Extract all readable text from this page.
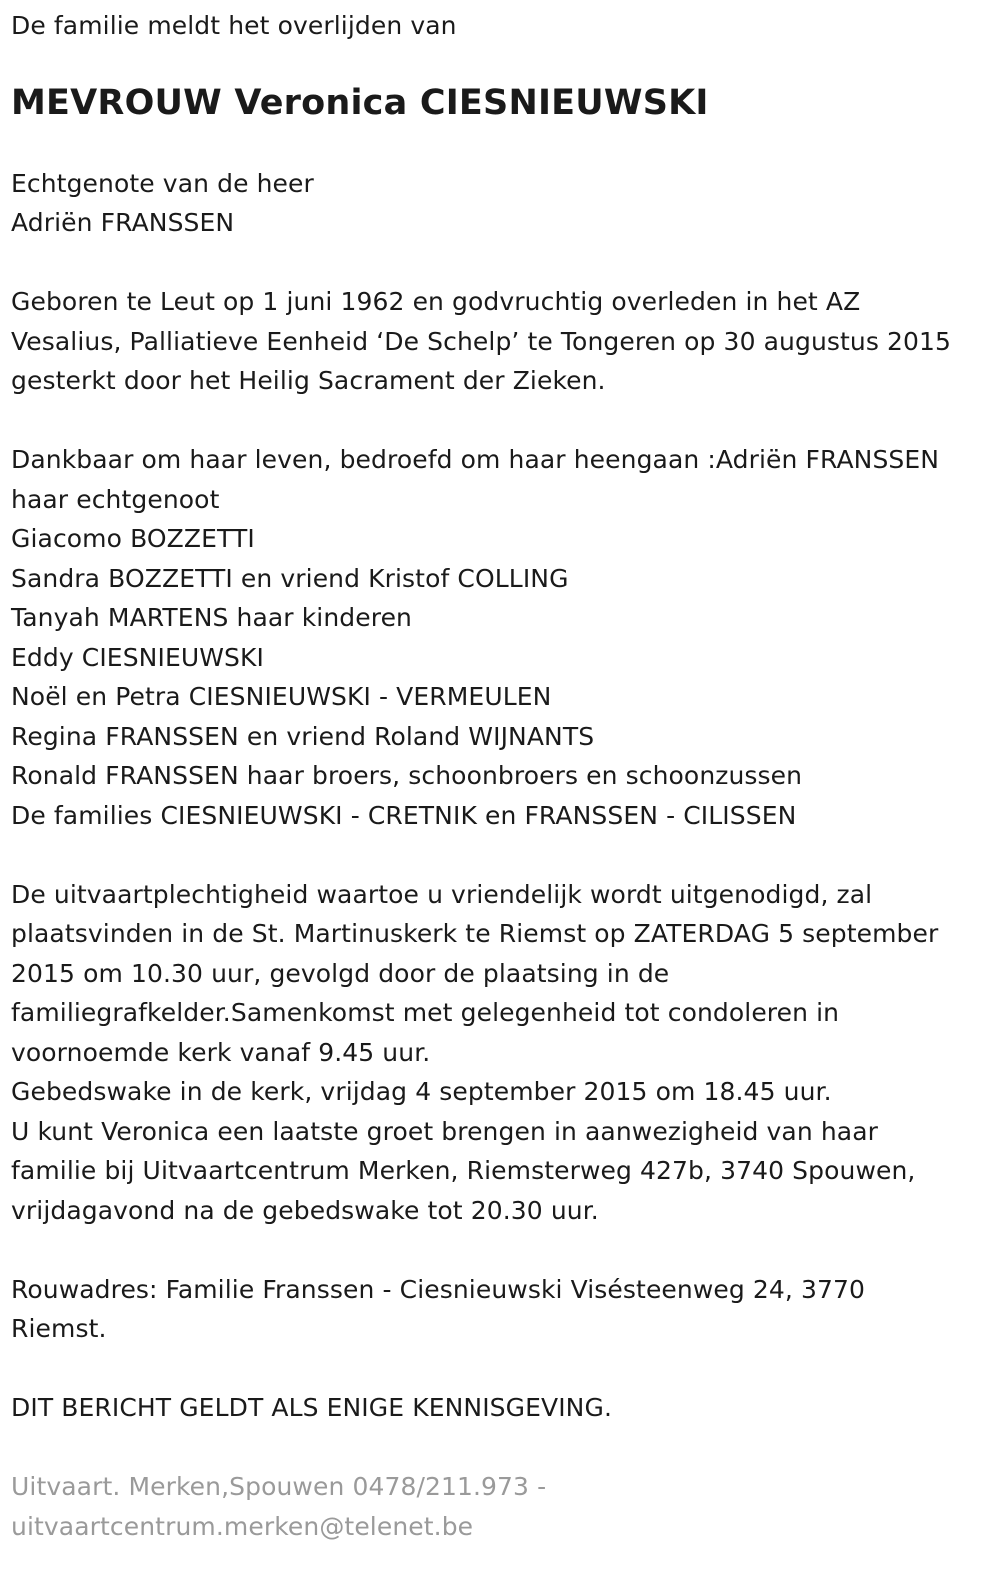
De familie meldt het overlijden van

MEVROUW Veronica CIESNIEUWSKI

Echtgenote van de heer
Adriën FRANSSEN

Geboren te Leut op 1 juni 1962 en godvruchtig overleden in het AZ
Vesalius, Palliatieve Eenheid ‘De Schelp’ te Tongeren op 30 augustus 2015
gesterkt door het Heilig Sacrament der Zieken.

Dankbaar om haar leven, bedroefd om haar heengaan :Adriën FRANSSEN
haar echtgenoot
Giacomo BOZZETTI
Sandra BOZZETTI en vriend Kristof COLLING
Tanyah MARTENS haar kinderen
Eddy CIESNIEUWSKI
Noël en Petra CIESNIEUWSKI - VERMEULEN
Regina FRANSSEN en vriend Roland WIJNANTS
Ronald FRANSSEN haar broers, schoonbroers en schoonzussen
De families CIESNIEUWSKI - CRETNIK en FRANSSEN - CILISSEN

De uitvaartplechtigheid waartoe u vriendelijk wordt uitgenodigd, zal
plaatsvinden in de St. Martinuskerk te Riemst op ZATERDAG 5 september
2015 om 10.30 uur, gevolgd door de plaatsing in de
familiegrafkelder.Samenkomst met gelegenheid tot condoleren in
voornoemde kerk vanaf 9.45 uur.
Gebedswake in de kerk, vrijdag 4 september 2015 om 18.45 uur.
U kunt Veronica een laatste groet brengen in aanwezigheid van haar
familie bij Uitvaartcentrum Merken, Riemsterweg 427b, 3740 Spouwen,
vrijdagavond na de gebedswake tot 20.30 uur.

Rouwadres: Familie Franssen - Ciesnieuwski Visésteenweg 24, 3770
Riemst.

DIT BERICHT GELDT ALS ENIGE KENNISGEVING.

Uitvaart. Merken,Spouwen 0478/211.973 -
uitvaartcentrum.merken@telenet.be
